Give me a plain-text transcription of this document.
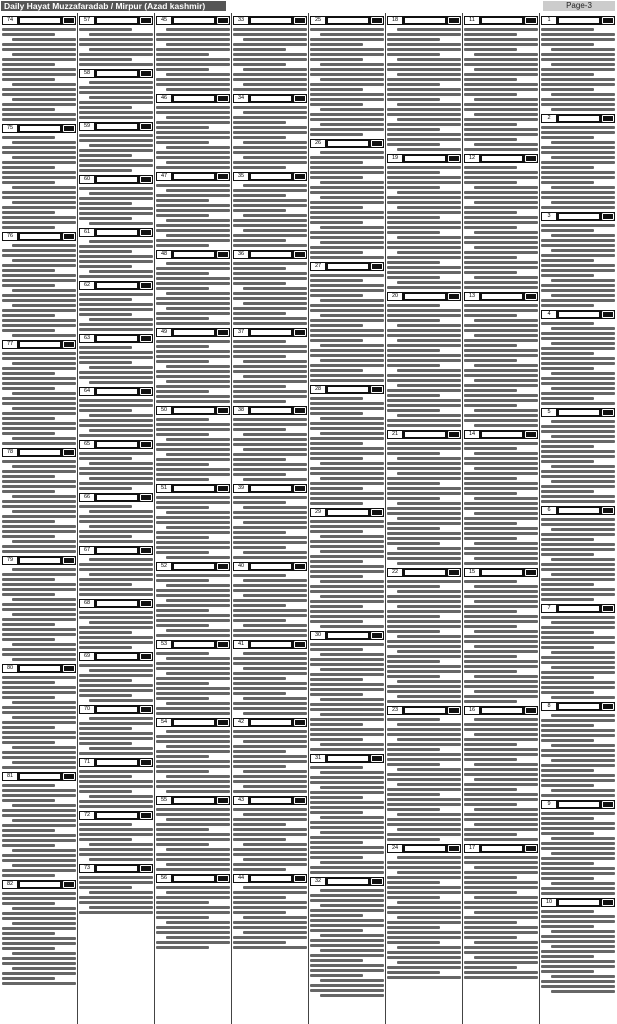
Daily Hayat Muzzafaradab / Mirpur (Azad kashmir)	Page-3
74
75
76
77
78
79
80
81
82
57
58
59
60
61
62
63
64
65
66
67
68
69
70
71
72
73
45
46
47
48
49
50
51
52
53
54
55
56
33
34
35
36
37
38
39
40
41
42
43
44
25
26
27
28
29
30
31
32
18
19
20
21
22
23
24
11
12
13
14
15
16
17
1
2
3
4
5
6
7
8
9
10
